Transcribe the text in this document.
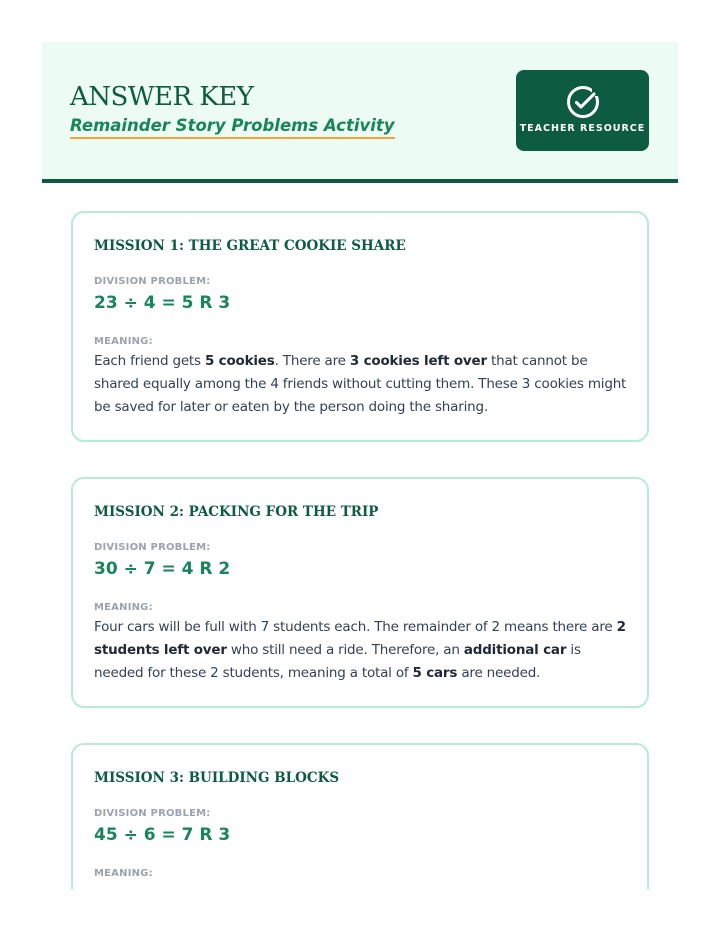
ANSWER KEY
Remainder Story Problems Activity	TEACHER RESOURCE
MISSION 1: THE GREAT COOKIE SHARE
DIVISION PROBLEM:
23 ÷ 4 = 5 R 3
MEANING:
Each friend gets 5 cookies. There are 3 cookies left over that cannot be shared equally among the 4 friends without cutting them. These 3 cookies might be saved for later or eaten by the person doing the sharing.
MISSION 2: PACKING FOR THE TRIP
DIVISION PROBLEM:
30 ÷ 7 = 4 R 2
MEANING:
Four cars will be full with 7 students each. The remainder of 2 means there are 2 students left over who still need a ride. Therefore, an additional car is needed for these 2 students, meaning a total of 5 cars are needed.
MISSION 3: BUILDING BLOCKS
DIVISION PROBLEM:
45 ÷ 6 = 7 R 3
MEANING:
